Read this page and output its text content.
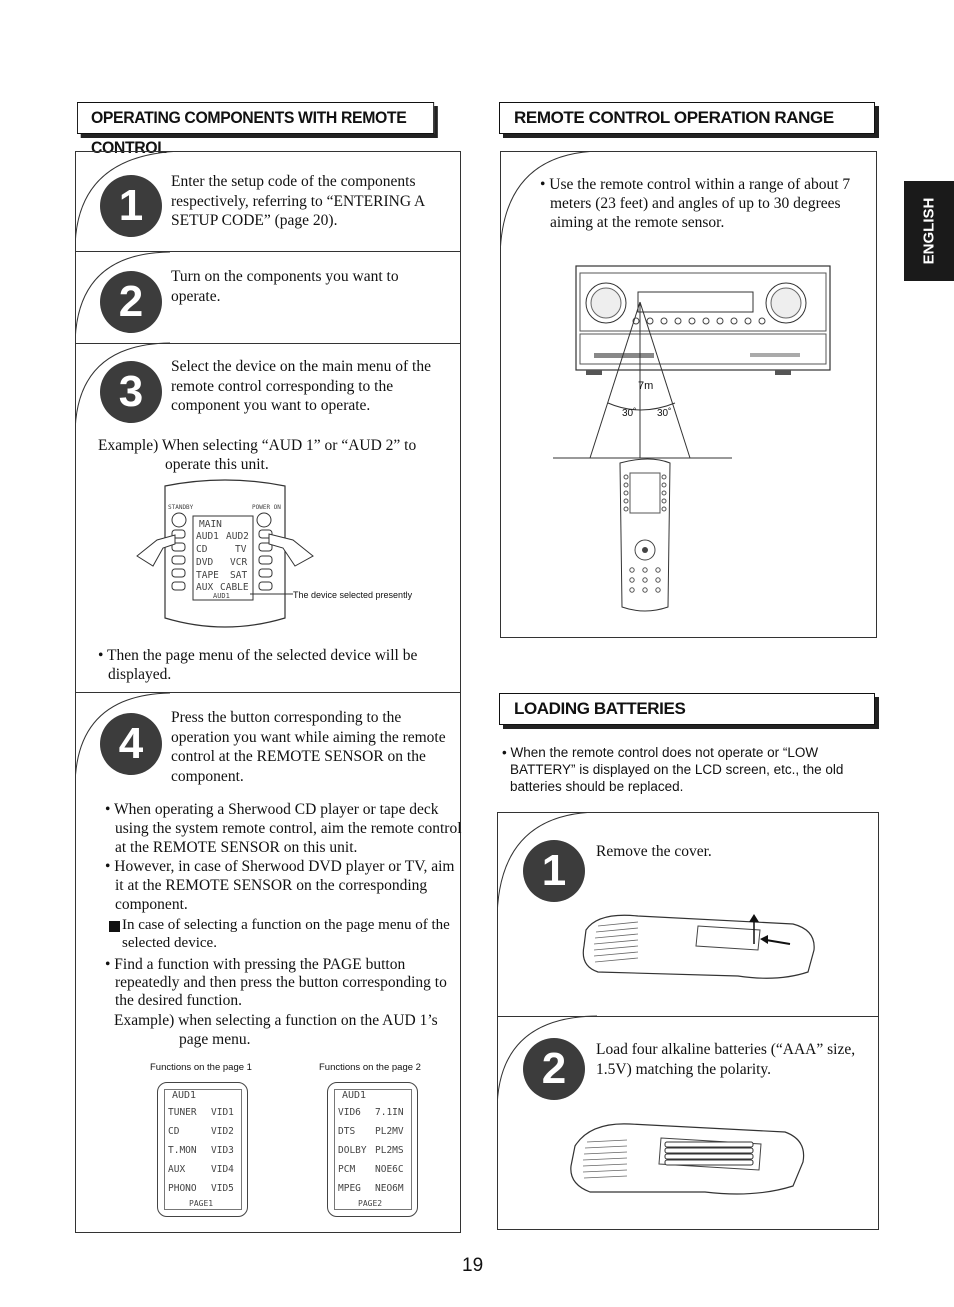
ENGLISH
OPERATING COMPONENTS WITH REMOTE CONTROL
1	Enter the setup code of the components respectively, referring to “ENTERING A SETUP CODE” (page 20).
2
Turn on the components you want to operate.
3
Select the device on the main menu of the remote control corresponding to the component you want to operate.
Example) When selecting “AUD 1” or “AUD 2” to
operate this unit.
STANDBY	POWER ON
MAIN
AUD1 AUD2
CD	TV
DVD VCR
TAPE SAT
AUX CABLE
AUD1	The device selected presently
• Then the page menu of the selected device will be displayed.
4
Press the button corresponding to the operation you want while aiming the remote control at the REMOTE SENSOR on the component.
• When operating a Sherwood CD player or tape deck using the system remote control, aim the remote control at the REMOTE SENSOR on this unit.
• However, in case of Sherwood DVD player or TV, aim it at the REMOTE SENSOR on the corresponding component.
In case of selecting a function on the page menu of the selected device.
• Find a function with pressing the PAGE button repeatedly and then press the button corresponding to the desired function.
Example) when selecting a function on the AUD 1’s
page menu.
Functions on the page 1
AUD1
TUNER VID1
CD	VID2
T.MON VID3
AUX	VID4
PHONO VID5
PAGE1
Functions on the page 2
AUD1
VID6 7.1IN
DTS PL2MV
DOLBY PL2MS
PCM NOE6C
MPEG NEO6M
PAGE2
REMOTE CONTROL OPERATION RANGE
• Use the remote control within a range of about 7 meters (23 feet) and angles of up to 30 degrees aiming at the remote sensor.
7m
30˚ 30˚
LOADING BATTERIES
• When the remote control does not operate or “LOW BATTERY” is displayed on the LCD screen, etc., the old batteries should be replaced.
1	Remove the cover.
2	Load four alkaline batteries (“AAA” size, 1.5V) matching the polarity.
19
